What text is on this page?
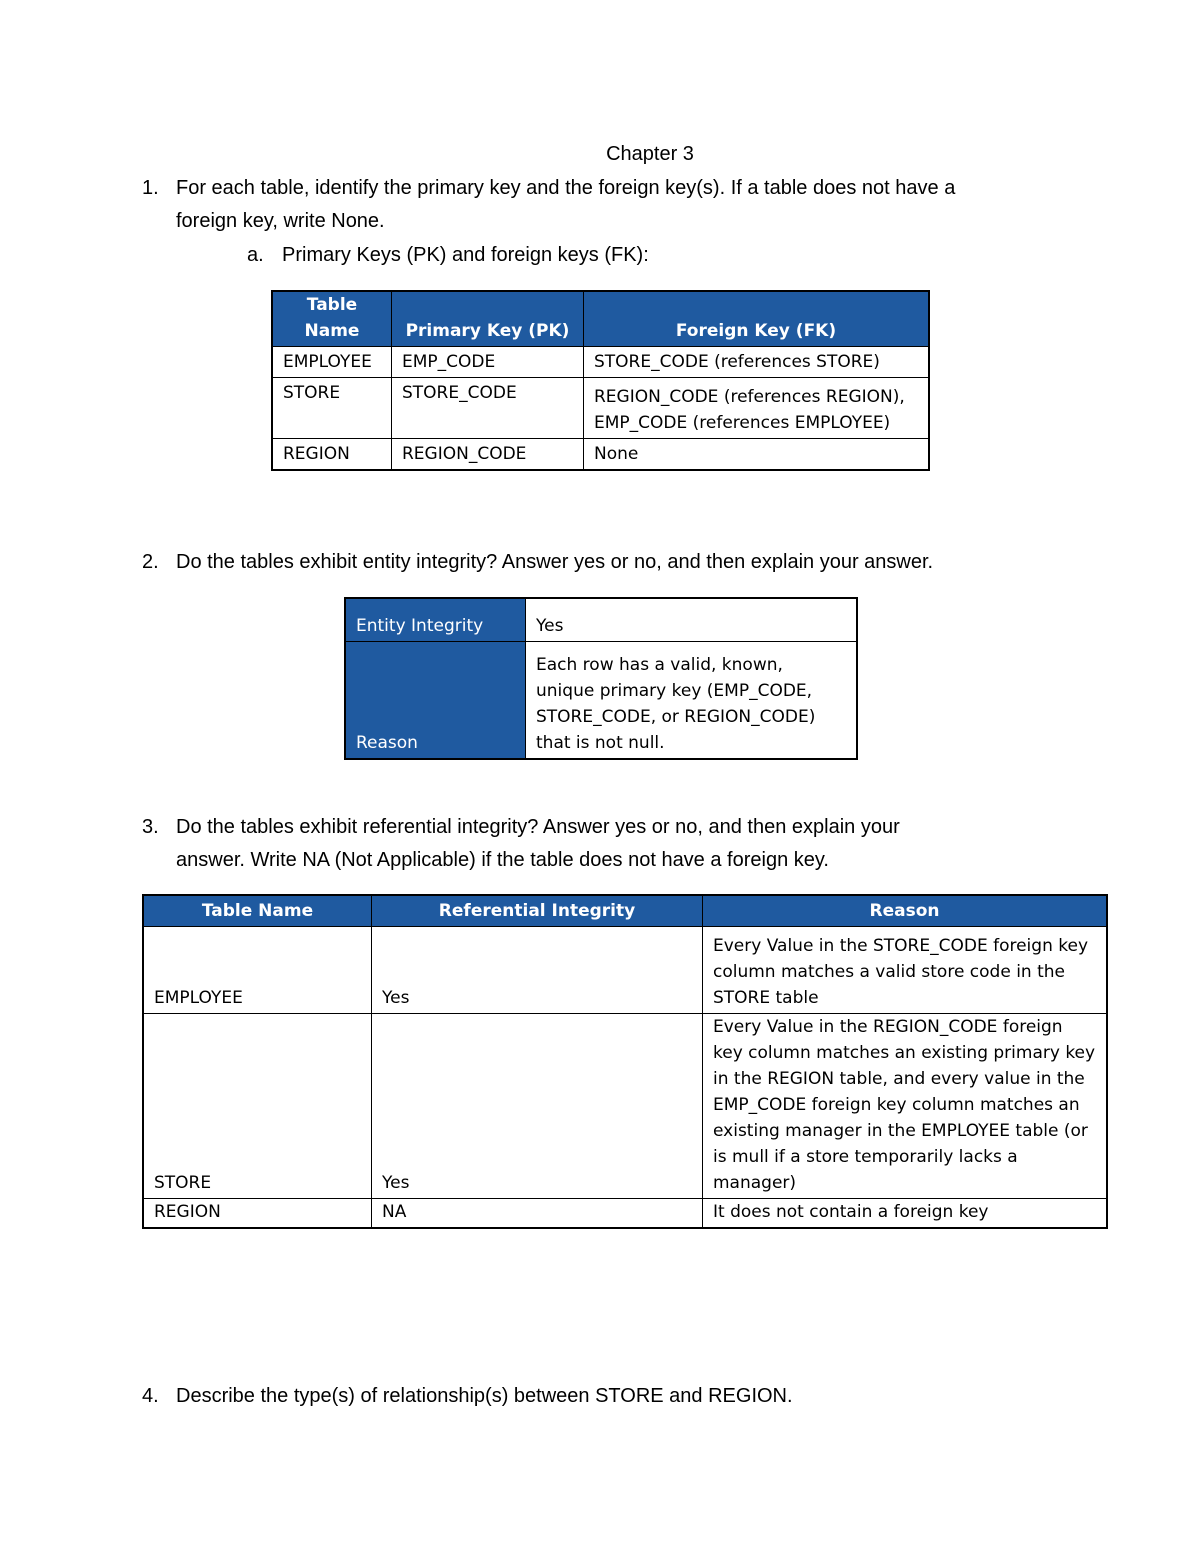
Chapter 3
1. For each table, identify the primary key and the foreign key(s). If a table does not have a
foreign key, write None.
a. Primary Keys (PK) and foreign keys (FK):
Table Name	Primary Key (PK)	Foreign Key (FK)
EMPLOYEE	EMP_CODE	STORE_CODE (references STORE)
STORE	STORE_CODE	REGION_CODE (references REGION),
EMP_CODE (references EMPLOYEE)

REGION	REGION_CODE	None
2. Do the tables exhibit entity integrity? Answer yes or no, and then explain your answer.
Entity Integrity	Yes
Reason	Each row has a valid, known, unique primary key (EMP_CODE, STORE_CODE, or REGION_CODE) that is not null.
3. Do the tables exhibit referential integrity? Answer yes or no, and then explain your
answer. Write NA (Not Applicable) if the table does not have a foreign key.
Table Name	Referential Integrity	Reason
EMPLOYEE	Yes	Every Value in the STORE_CODE foreign key column matches a valid store code in the STORE table
STORE	Yes	Every Value in the REGION_CODE foreign key column matches an existing primary key in the REGION table, and every value in the EMP_CODE foreign key column matches an existing manager in the EMPLOYEE table (or is mull if a store temporarily lacks a manager)
REGION	NA	It does not contain a foreign key
4. Describe the type(s) of relationship(s) between STORE and REGION.
